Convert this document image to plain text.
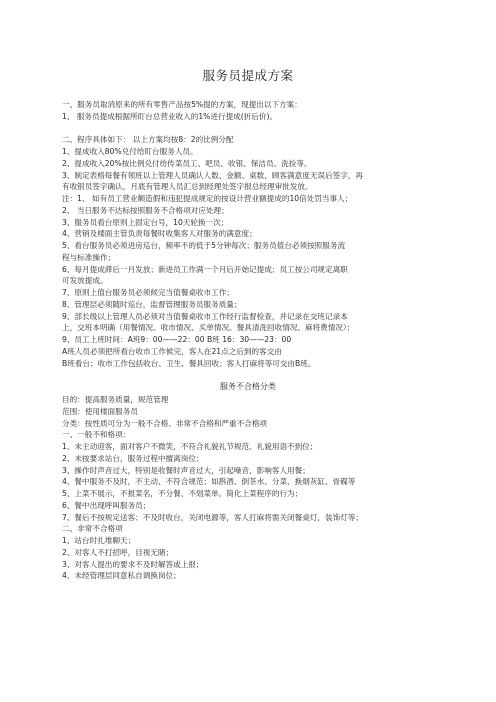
服务员提成方案
一、服务员取消原来的所有零售产品按5%提的方案，现提出以下方案：
1、 服务员提成根据所盯台总营业收入的1%进行提成(折后价)。
二、程序具体如下： 以上方案均按8：2的比例分配
1、提成收入80%兑付给盯台服务人员。
2、提成收入20%按比例兑付给传菜员工、吧员、收银、保洁员、洗捡等。
3、制定表格每餐有领班以上管理人员确认人数、金额、桌数、顾客满意度无误后签字，再
有收银员签字确认，月底有管理人员汇总到经理处签字报总经理审批发放。
注：1、 如有员工营业额造假和违犯提成规定的按设计营业额提成的10倍处罚当事人；
2、 当日服务不达标按照服务不合格项对应处理；
3、服务员看台原则上固定台号，10天轮换一次；
4、营销及楼面主管负责每餐时收集客人对服务的满意度；
5、看台服务员必须进房巡台，频率不的低于5分钟每次；服务员值台必须按照服务流
程与标准操作；
6、每月提成滞后一月发放；新进员工作满一个月后开始记提成；员工按公司规定离职
可发放提成。
7、原则上值台服务员必须候完当值餐桌收市工作；
8、管理层必须随时巡台，监督管理服务员服务质量；
9、部长级以上管理人员必须对当值餐桌收市工作经行监督检查，并记录在交班记录本
上，交班本明确（用餐情况、收市情况、买单情况、餐具清洗回收情况、麻将费情况）；
9、员工上班时间：A班9：00——22：00 B班 16：30——23：00
A班人员必须把所看台收市工作候完，客人在21点之后到的客交由
B班看台；收市工作包括收台、卫生、餐具回收；客人打麻将等可交由B班。
服务不合格分类
目的：提高服务质量，规范管理
范围：使用楼面服务员
分类：按性质可分为一般不合格、非常不合格和严重不合格项
一、一般不和格项：
1、未主动迎客，面对客户不微笑，不符合礼貌礼节规范、礼貌用语不到位；
2、未按要求站台，服务过程中擅离岗位；
3、操作时声音过大，特别是收餐时声音过大，引起噪音，影响客人用餐；
4、餐中服务不及时，不主动、不符合规范；如斟酒、倒茶水、分菜、换烟灰缸、骨碟等
5、上菜不展示，不报菜名，不分餐、不划菜单。简化上菜程序的行为；
6、餐中出现呼叫服务员；
7、餐后不按规定送客；不及时收台，关闭电源等，客人打麻将需关闭餐桌灯，装饰灯等；
二、非常不合格项
1、站台时扎堆聊天；
2、对客人不打招呼，目视无睹；
3、对客人提出的要求不及时解答或上报；
4、未经管理层同意私自调换岗位；
